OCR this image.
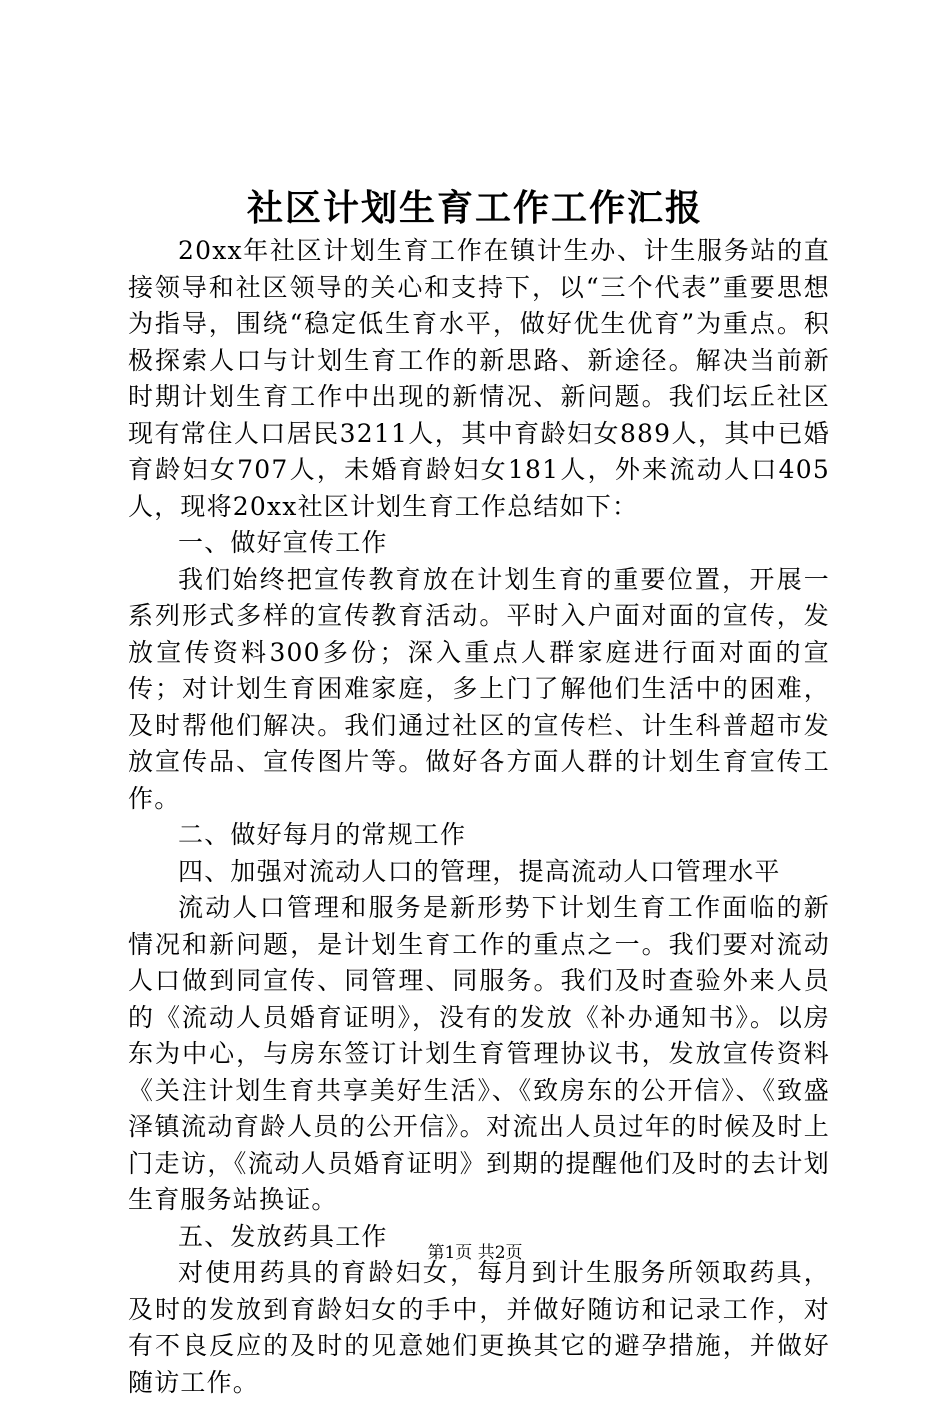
社区计划生育工作工作汇报

20xx年社区计划生育工作在镇计生办、计生服务站的直接领导和社区领导的关心和支持下，以“三个代表”重要思想为指导，围绕“稳定低生育水平，做好优生优育”为重点。积极探索人口与计划生育工作的新思路、新途径。解决当前新时期计划生育工作中出现的新情况、新问题。我们坛丘社区现有常住人口居民3211人，其中育龄妇女889人，其中已婚育龄妇女707人，未婚育龄妇女181人，外来流动人口405人，现将20xx社区计划生育工作总结如下：

一、做好宣传工作

我们始终把宣传教育放在计划生育的重要位置，开展一系列形式多样的宣传教育活动。平时入户面对面的宣传，发放宣传资料300多份；深入重点人群家庭进行面对面的宣传；对计划生育困难家庭，多上门了解他们生活中的困难，及时帮他们解决。我们通过社区的宣传栏、计生科普超市发放宣传品、宣传图片等。做好各方面人群的计划生育宣传工作。

二、做好每月的常规工作

四、加强对流动人口的管理，提高流动人口管理水平

流动人口管理和服务是新形势下计划生育工作面临的新情况和新问题，是计划生育工作的重点之一。我们要对流动人口做到同宣传、同管理、同服务。我们及时查验外来人员的《流动人员婚育证明》，没有的发放《补办通知书》。以房东为中心，与房东签订计划生育管理协议书，发放宣传资料《关注计划生育共享美好生活》、《致房东的公开信》、《致盛泽镇流动育龄人员的公开信》。对流出人员过年的时候及时上门走访，《流动人员婚育证明》到期的提醒他们及时的去计划生育服务站换证。

五、发放药具工作

对使用药具的育龄妇女，每月到计生服务所领取药具，及时的发放到育龄妇女的手中，并做好随访和记录工作，对有不良反应的及时的见意她们更换其它的避孕措施，并做好随访工作。

第1页 共2页
